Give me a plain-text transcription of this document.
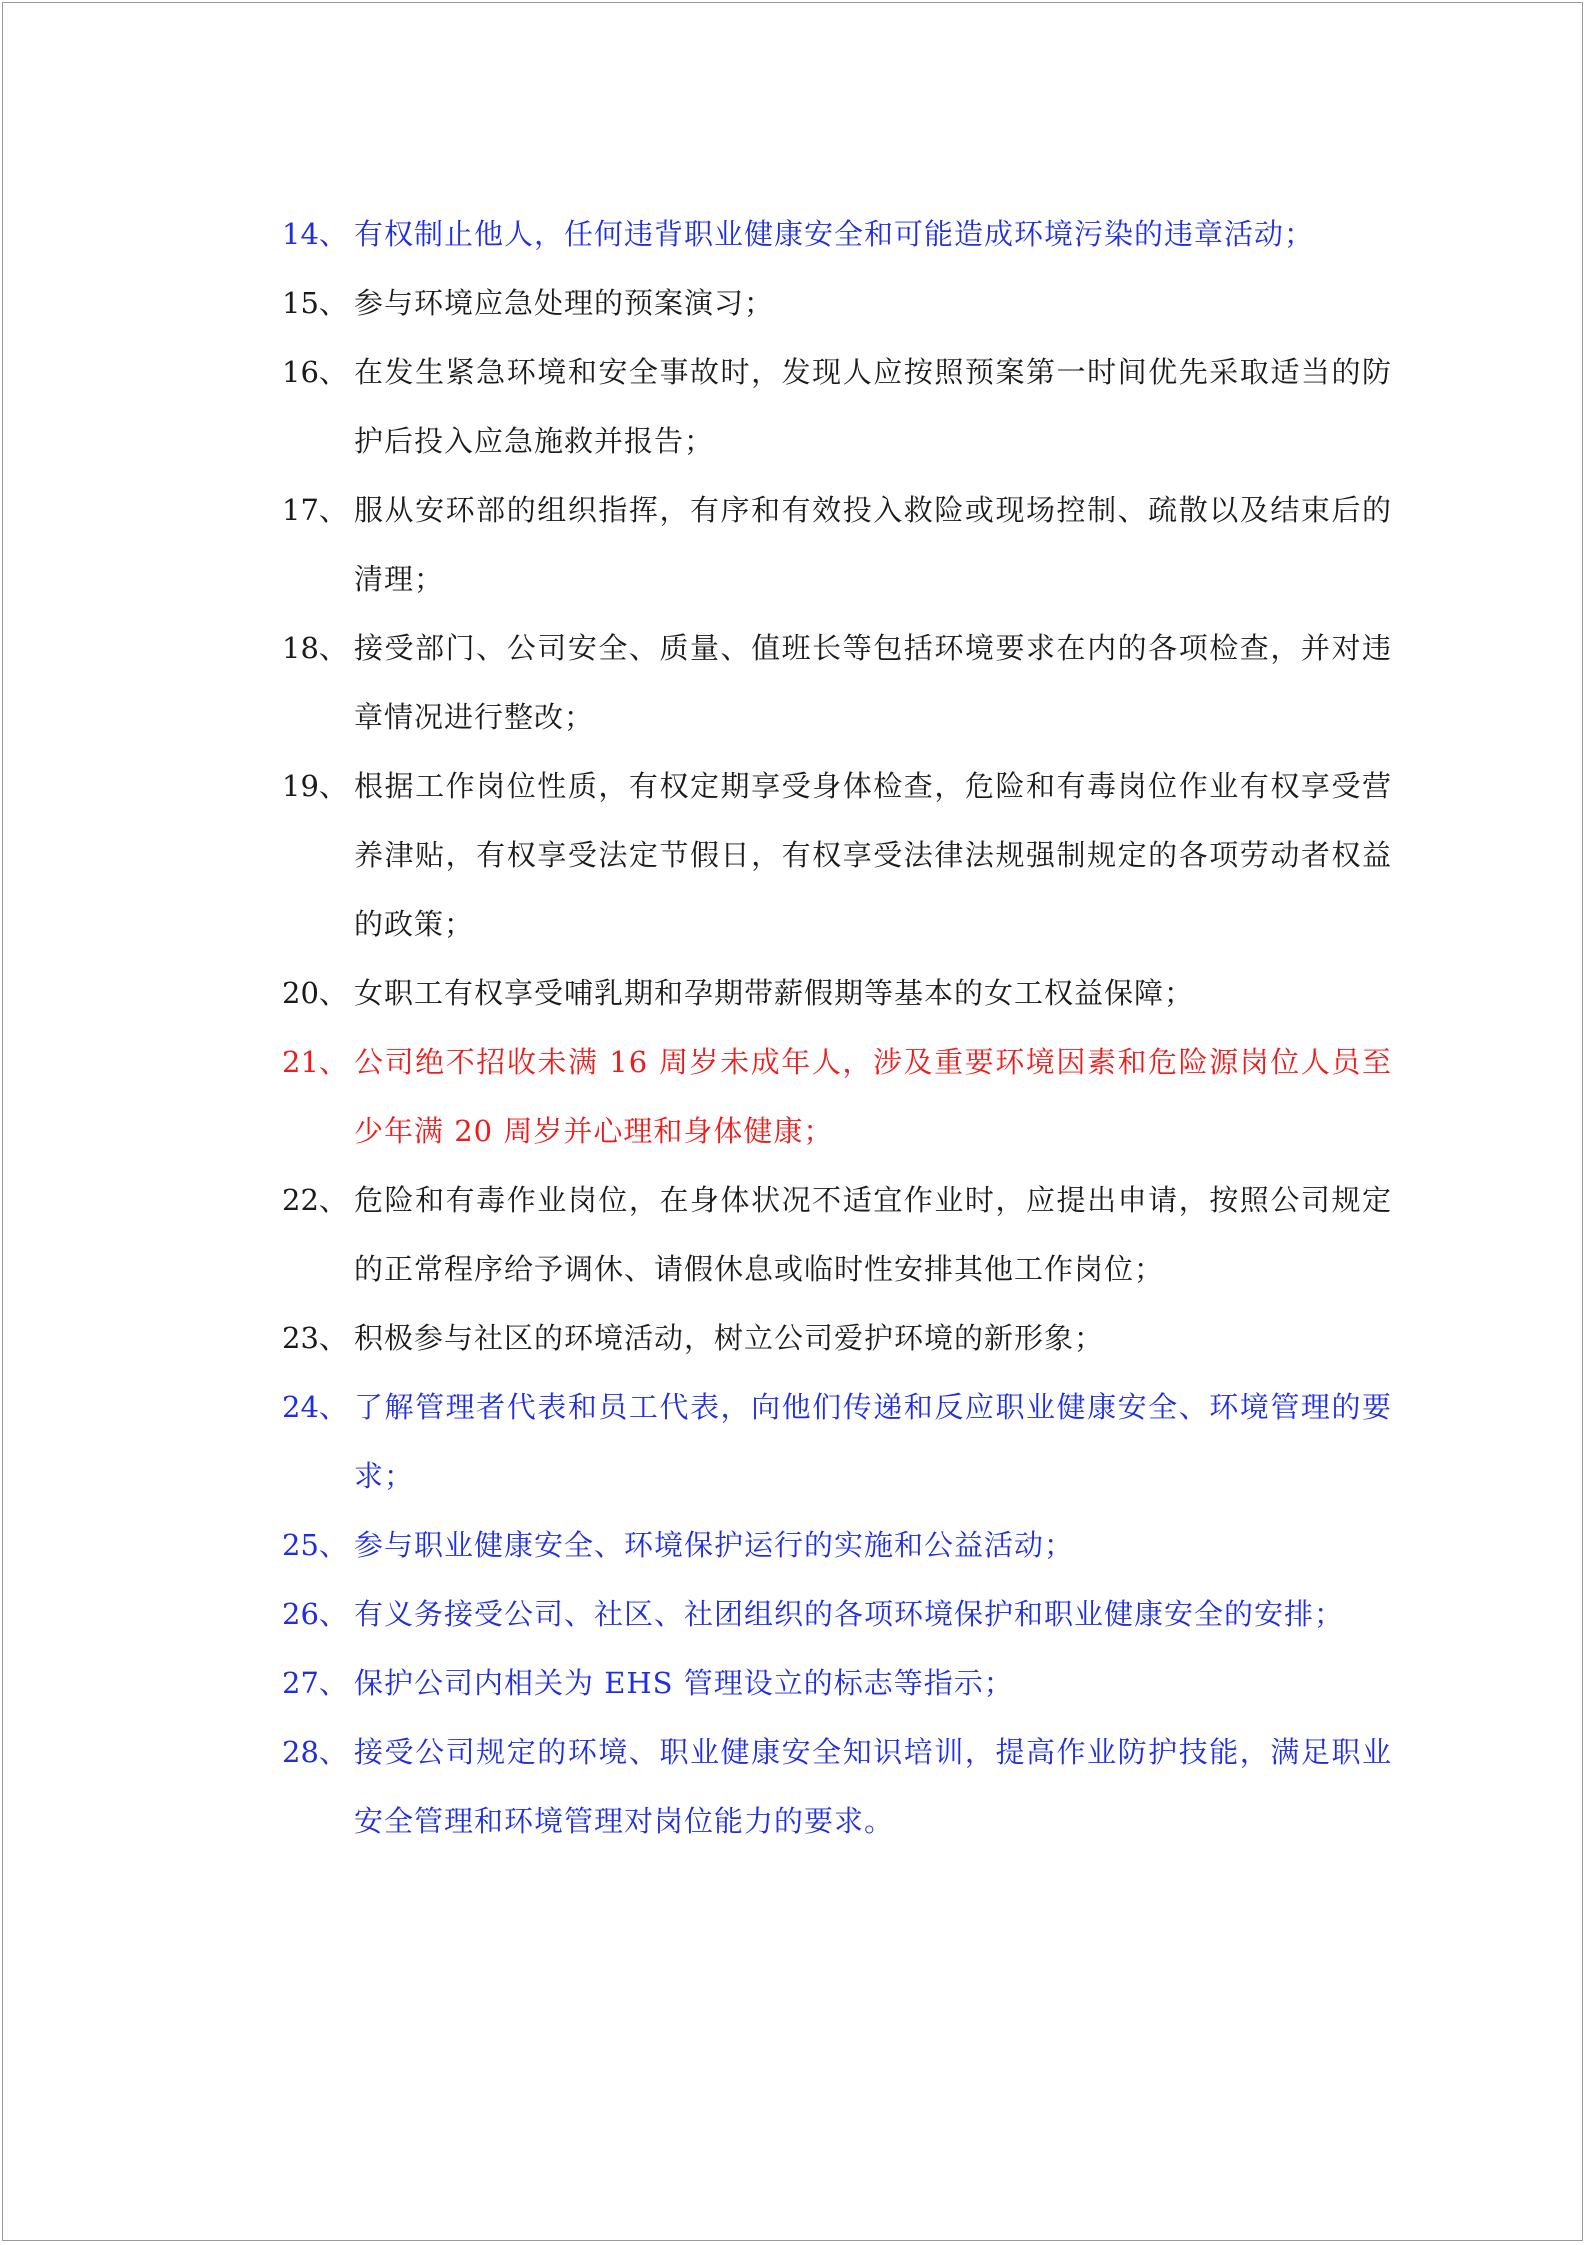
14、 有权制止他人，任何违背职业健康安全和可能造成环境污染的违章活动；
15、 参与环境应急处理的预案演习；
16、 在发生紧急环境和安全事故时，发现人应按照预案第一时间优先采取适当的防护后投入应急施救并报告；
17、 服从安环部的组织指挥，有序和有效投入救险或现场控制、疏散以及结束后的清理；
18、 接受部门、公司安全、质量、值班长等包括环境要求在内的各项检查，并对违章情况进行整改；
19、 根据工作岗位性质，有权定期享受身体检查，危险和有毒岗位作业有权享受营养津贴，有权享受法定节假日，有权享受法律法规强制规定的各项劳动者权益的政策；
20、 女职工有权享受哺乳期和孕期带薪假期等基本的女工权益保障；
21、 公司绝不招收未满 16 周岁未成年人，涉及重要环境因素和危险源岗位人员至少年满 20 周岁并心理和身体健康；
22、 危险和有毒作业岗位，在身体状况不适宜作业时，应提出申请，按照公司规定的正常程序给予调休、请假休息或临时性安排其他工作岗位；
23、 积极参与社区的环境活动，树立公司爱护环境的新形象；
24、 了解管理者代表和员工代表，向他们传递和反应职业健康安全、环境管理的要求；
25、 参与职业健康安全、环境保护运行的实施和公益活动；
26、 有义务接受公司、社区、社团组织的各项环境保护和职业健康安全的安排；
27、 保护公司内相关为 EHS 管理设立的标志等指示；
28、 接受公司规定的环境、职业健康安全知识培训，提高作业防护技能，满足职业安全管理和环境管理对岗位能力的要求。
